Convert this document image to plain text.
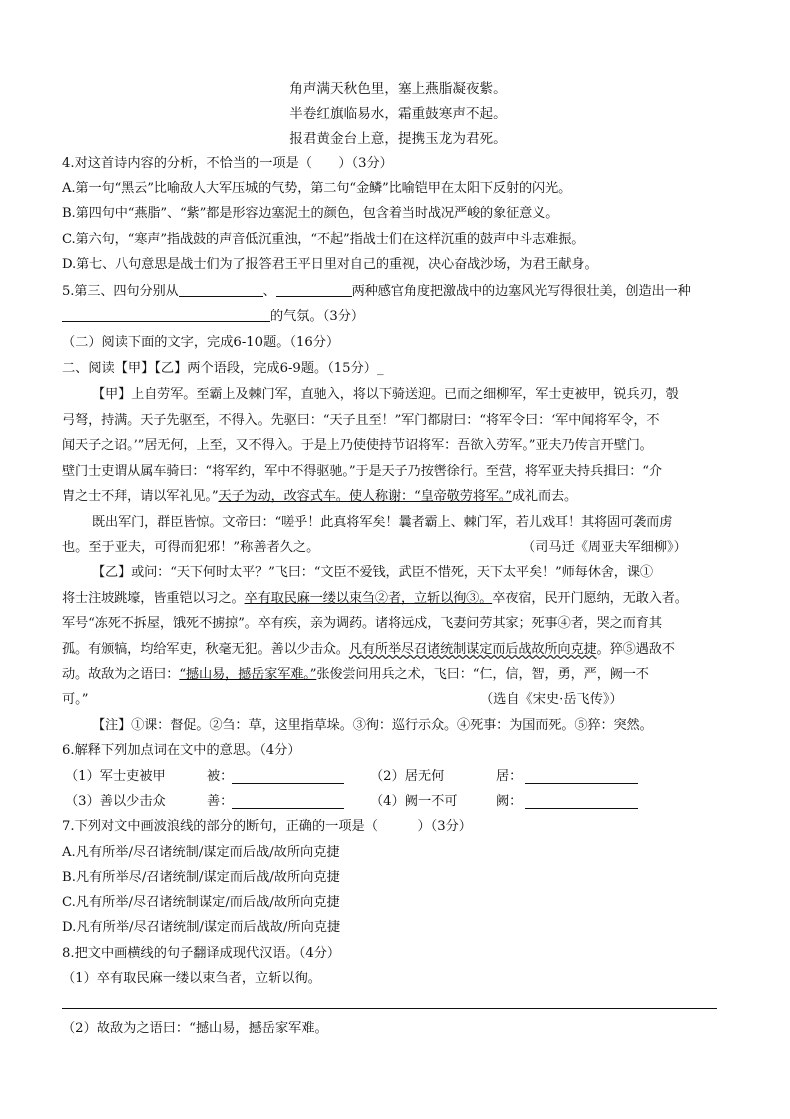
角声满天秋色里，塞上燕脂凝夜紫。
半卷红旗临易水，霜重鼓寒声不起。
报君黄金台上意，提携玉龙为君死。
4.对这首诗内容的分析，不恰当的一项是（　　）（3分）
A.第一句“黑云”比喻敌人大军压城的气势，第二句“金鳞”比喻铠甲在太阳下反射的闪光。
B.第四句中“燕脂”、“紫”都是形容边塞泥土的颜色，包含着当时战况严峻的象征意义。
C.第六句，“寒声”指战鼓的声音低沉重浊，“不起”指战士们在这样沉重的鼓声中斗志难振。
D.第七、八句意思是战士们为了报答君王平日里对自己的重视，决心奋战沙场，为君王献身。
5.第三、四句分别从	、	两种感官角度把激战中的边塞风光写得很壮美，创造出一种
的气氛。（3分）
（二）阅读下面的文字，完成6-10题。（16分）
二、阅读【甲】【乙】两个语段，完成6-9题。（15分）_
【甲】上自劳军。至霸上及棘门军，直驰入，将以下骑送迎。已而之细柳军，军士吏被甲，锐兵刃，彀
弓弩，持满。天子先驱至，不得入。先驱曰：“天子且至！”军门都尉曰：“将军令曰：‘军中闻将军令，不
闻天子之诏。’”居无何，上至，又不得入。于是上乃使使持节诏将军：吾欲入劳军。”亚夫乃传言开壁门。
壁门士吏谓从属车骑曰：“将军约，军中不得驱驰。”于是天子乃按辔徐行。至营，将军亚夫持兵揖曰：“介
胄之士不拜，请以军礼见。”天子为动，改容式车。使人称谢：“皇帝敬劳将军。”成礼而去。
既出军门，群臣皆惊。文帝曰：“嗟乎！此真将军矣！曩者霸上、棘门军，若儿戏耳！其将固可袭而虏
也。至于亚夫，可得而犯邪！”称善者久之。	（司马迁《周亚夫军细柳》）
【乙】或问：“天下何时太平？”飞曰：“文臣不爱钱，武臣不惜死，天下太平矣！”师每休舍，课①
将士注坡跳壕，皆重铠以习之。卒有取民麻一缕以束刍②者，立斩以徇③。卒夜宿，民开门愿纳，无敢入者。
军号“冻死不拆屋，饿死不掳掠”。卒有疾，亲为调药。诸将远戍，飞妻问劳其家；死事④者，哭之而育其
孤。有颁犒，均给军吏，秋毫无犯。善以少击众。凡有所举尽召诸统制谋定而后战故所向克捷。猝⑤遇敌不
动。故敌为之语曰：“撼山易，撼岳家军难。”张俊尝问用兵之术，飞曰：“仁，信，智，勇，严，阙一不
可。”	（选自《宋史·岳飞传》）
【注】①课：督促。②刍：草，这里指草垛。③徇：巡行示众。④死事：为国而死。⑤猝：突然。
6.解释下列加点词在文中的意思。（4分）
（1）军士吏被甲	被：	（2）居无何	居：
（3）善以少击众	善：	（4）阙一不可	阙：
7.下列对文中画波浪线的部分的断句，正确的一项是（　　　）（3分）
A.凡有所举/尽召诸统制/谋定而后战/故所向克捷
B.凡有所举尽/召诸统制/谋定而后战/故所向克捷
C.凡有所举/尽召诸统制谋定/而后战/故所向克捷
D.凡有所举/尽召诸统制/谋定而后战故/所向克捷
8.把文中画横线的句子翻译成现代汉语。（4分）
（1）卒有取民麻一缕以束刍者，立斩以徇。
（2）故敌为之语曰：“撼山易，撼岳家军难。
